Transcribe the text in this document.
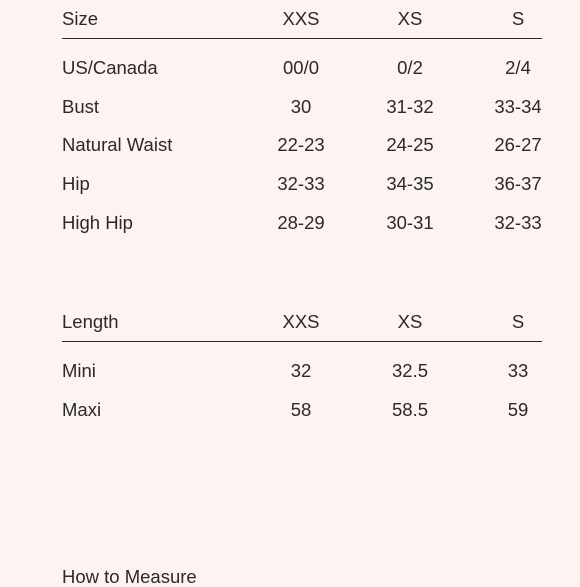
Size	XXS	XS	S
US/Canada	00/0	0/2	2/4
Bust	30	31-32	33-34
Natural Waist	22-23	24-25	26-27
Hip	32-33	34-35	36-37
High Hip	28-29	30-31	32-33
Length	XXS	XS	S
Mini	32	32.5	33
Maxi	58	58.5	59
How to Measure
